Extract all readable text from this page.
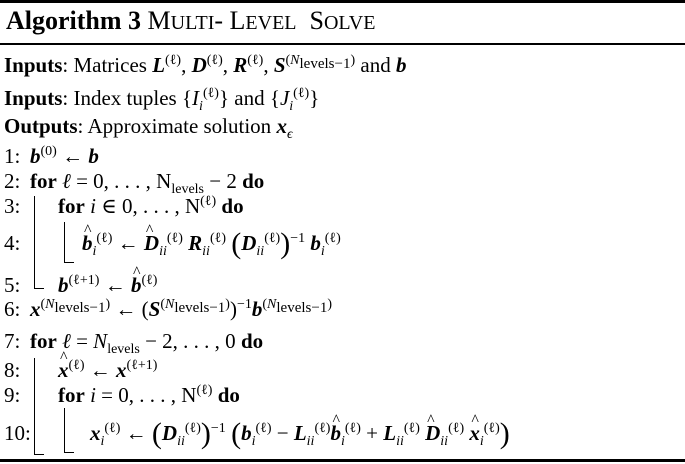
Algorithm 3 MULTI- LEVEL  SOLVE
Inputs: Matrices $L^{(\ell)}$, $D^{(\ell)}$, $R^{(\ell)}$, $S^{(N_{levels-1})}$ and b
Inputs: Index tuples $\{I_i^{(\ell)}\}$ and $\{J_i^{(\ell)}\}$
Outputs: Approximate solution $x_\epsilon$
1:
2:
3:
4:
5:
6:
7:
8:
9:
10:
$b^{(0)}$ ← b
for ℓ = 0, . . . , $N_{levels} - 2$ do
for i ∈ 0, . . . , $N^{(\ell)}$ do
^ $b_i^{(\ell)}$ ← ^ $D_{ii}^{(\ell)}$ $R_{ii}^{(\ell)}$ $(D_{ii}^{(\ell)})^{-1}$ $b_i^{(\ell)}$
$b^{(\ell+1)}$ ← ^ $b^{(\ell)}$
$x^{(N_{levels-1})}$ ← $(S^{(N_{levels-1})})^{-1}b^{(N_{levels-1})}$
for ℓ = $N_{levels} - 2$, . . . , 0 do
^ $x^{(\ell)}$ ← $x^{(\ell+1)}$
for i = 0, . . . , $N^{(\ell)}$ do
$x_i^{(\ell)}$ ← $(D_{ii}^{(\ell)})^{-1}$ ($b_i^{(\ell)}$ − $L_{ii}^{(\ell)}\^{}$ $b_i^{(\ell)} + L_{ii}^{(\ell)}$ ^ $D_{ii}^{(\ell)}$ ^ $x_i^{(\ell)}$)
